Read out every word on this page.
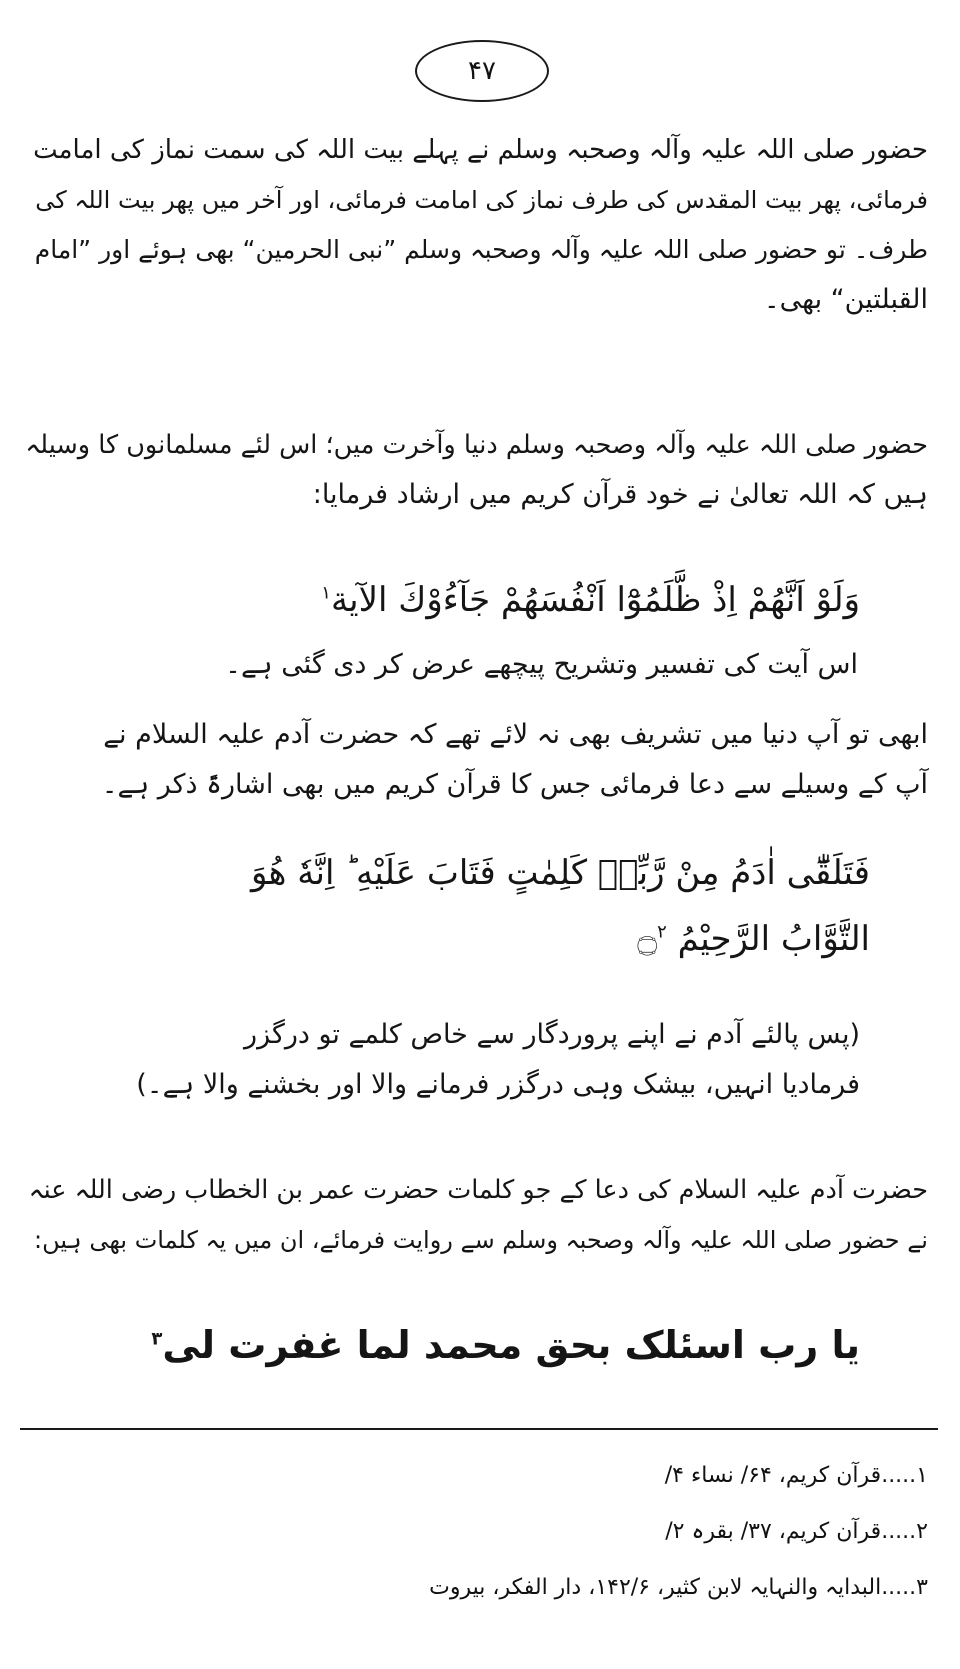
۴۷
حضور صلی اللہ علیہ وآلہ وصحبہ وسلم نے پہلے بیت اللہ کی سمت نماز کی امامت
فرمائی، پھر بیت المقدس کی طرف نماز کی امامت فرمائی، اور آخر میں پھر بیت اللہ کی
طرف۔ تو حضور صلی اللہ علیہ وآلہ وصحبہ وسلم ”نبی الحرمین“ بھی ہوئے اور ”امام
القبلتین“ بھی۔
حضور صلی اللہ علیہ وآلہ وصحبہ وسلم دنیا وآخرت میں؛ اس لئے مسلمانوں کا وسیلہ
ہیں کہ اللہ تعالیٰ نے خود قرآن کریم میں ارشاد فرمایا:
وَلَوْ اَنَّهُمْ اِذْ ظَّلَمُوْٓا اَنْفُسَهُمْ جَآءُوْكَ الآية$^۱$
اس آیت کی تفسیر وتشریح پیچھے عرض کر دی گئی ہے۔
ابھی تو آپ دنیا میں تشریف بھی نہ لائے تھے کہ حضرت آدم علیہ السلام نے
آپ کے وسیلے سے دعا فرمائی جس کا قرآن کریم میں بھی اشارۃً ذکر ہے۔
فَتَلَقّٰٓى اٰدَمُ مِنْ رَّبِّهٖ كَلِمٰتٍ فَتَابَ عَلَيْهِ ؕ اِنَّهٗ هُوَ
التَّوَّابُ الرَّحِيْمُ ۝$^۲$
(پس پالئے آدم نے اپنے پروردگار سے خاص کلمے تو درگزر
فرمادیا انہیں، بیشک وہی درگزر فرمانے والا اور بخشنے والا ہے۔)
حضرت آدم علیہ السلام کی دعا کے جو کلمات حضرت عمر بن الخطاب رضی اللہ عنہ
نے حضور صلی اللہ علیہ وآلہ وصحبہ وسلم سے روایت فرمائے، ان میں یہ کلمات بھی ہیں:
یا رب اسئلک بحق محمد لما غفرت لی$^۳$
۱.....قرآن کریم، ۶۴/ نساء ۴/
۲.....قرآن کریم، ۳۷/ بقرہ ۲/
۳.....البدایہ والنہایہ لابن کثیر، ۱۴۲/۶، دار الفکر، بیروت
